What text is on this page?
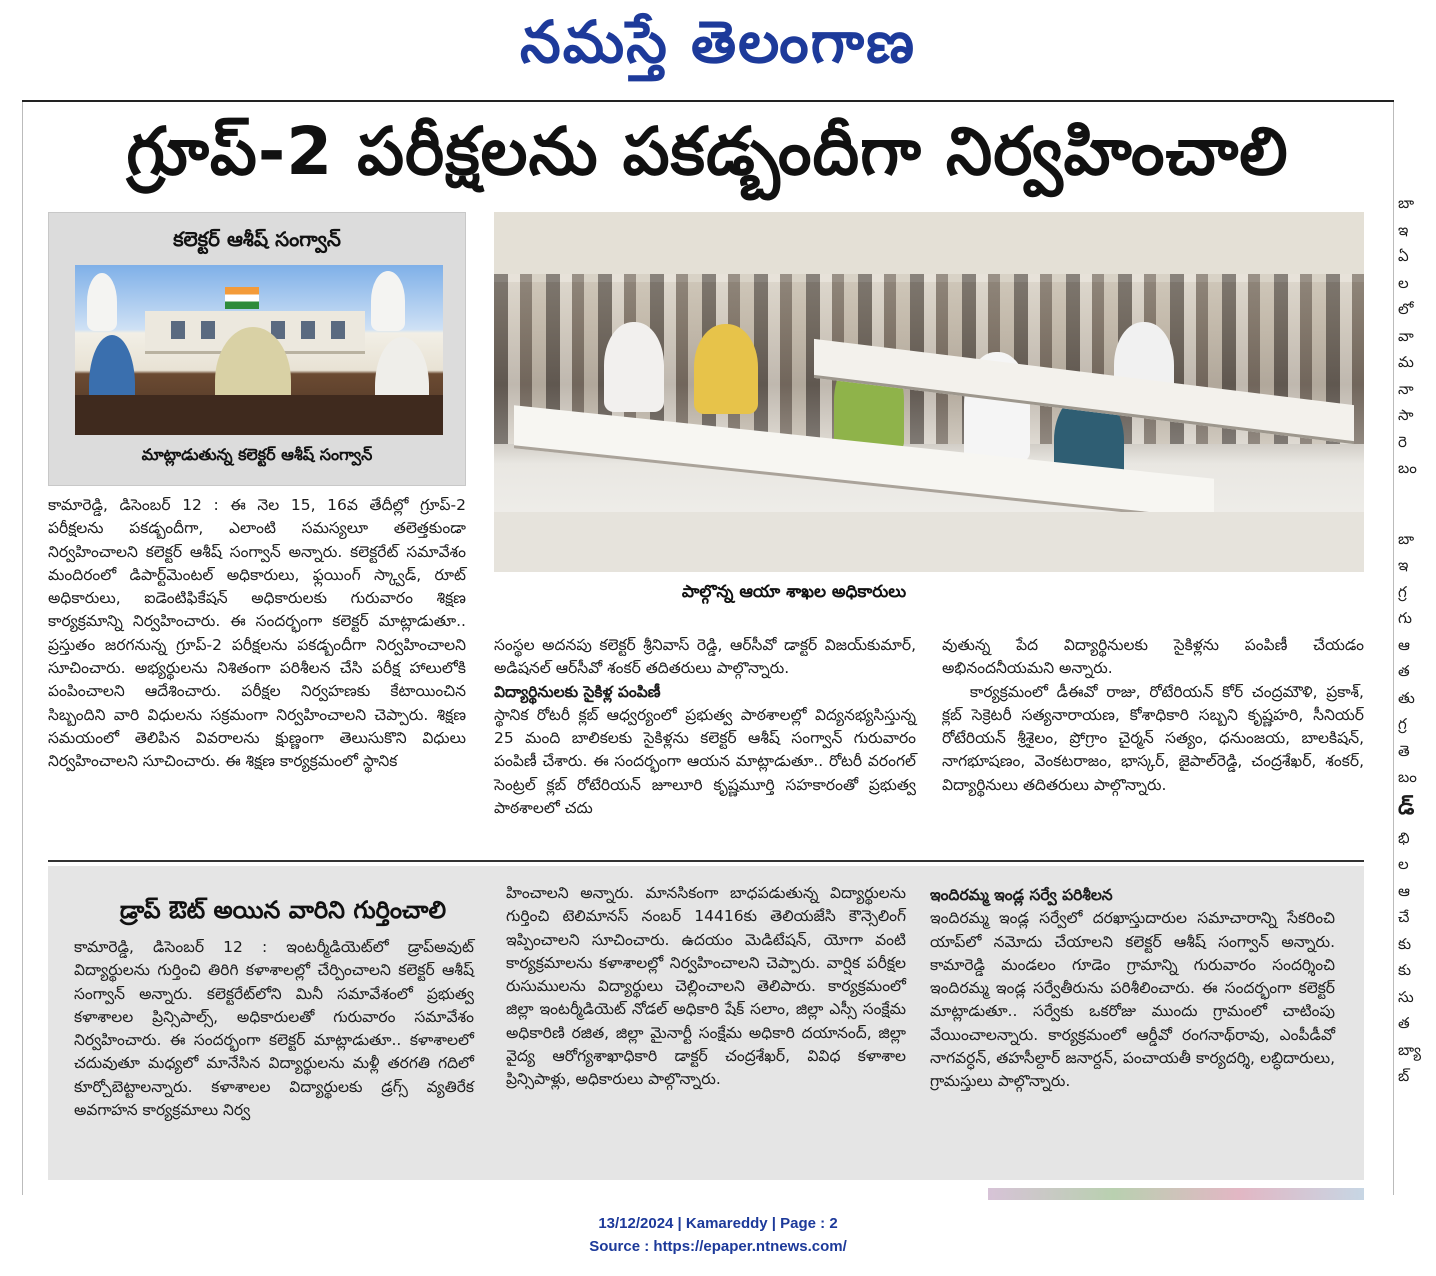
నమస్తే తెలంగాణ
గ్రూప్‌-2 పరీక్షలను పకడ్బందీగా నిర్వహించాలి
కలెక్టర్‌ ఆశీష్‌ సంగ్వాన్‌
మాట్లాడుతున్న కలెక్టర్‌ ఆశీష్‌ సంగ్వాన్‌
పాల్గొన్న ఆయా శాఖల అధికారులు
కామారెడ్డి, డిసెంబర్‌ 12 : ఈ నెల 15, 16వ తేదీల్లో గ్రూప్‌-2 పరీక్షలను పకడ్బందీగా, ఎలాంటి సమస్యలూ తలెత్తకుండా నిర్వహించాలని కలెక్టర్‌ ఆశీష్‌ సంగ్వాన్‌ అన్నారు. కలెక్టరేట్‌ సమావేశం మందిరంలో డిపార్ట్‌మెంటల్‌ అధికారులు, ఫ్లయింగ్‌ స్క్వాడ్‌, రూట్‌ అధికారులు, ఐడెంటిఫికేషన్‌ అధికారులకు గురువారం శిక్షణ కార్యక్రమాన్ని నిర్వహించారు. ఈ సందర్భంగా కలెక్టర్‌ మాట్లాడుతూ.. ప్రస్తుతం జరగనున్న గ్రూప్‌-2 పరీక్షలను పకడ్బందీగా నిర్వహించాలని సూచించారు. అభ్యర్థులను నిశితంగా పరిశీలన చేసి పరీక్ష హాలులోకి పంపించాలని ఆదేశించారు. పరీక్షల నిర్వహణకు కేటాయించిన సిబ్బందిని వారి విధులను సక్రమంగా నిర్వహించాలని చెప్పారు. శిక్షణ సమయంలో తెలిపిన వివరాలను క్షుణ్ణంగా తెలుసుకొని విధులు నిర్వహించాలని సూచించారు. ఈ శిక్షణ కార్యక్రమంలో స్థానిక
సంస్థల అదనపు కలెక్టర్‌ శ్రీనివాస్‌ రెడ్డి, ఆర్‌సీవో డాక్టర్‌ విజయ్‌కుమార్‌, అడిషనల్‌ ఆర్‌సీవో శంకర్‌ తదితరులు పాల్గొన్నారు.
విద్యార్థినులకు సైకిళ్ల పంపిణీ
స్థానిక రోటరీ క్లబ్‌ ఆధ్వర్యంలో ప్రభుత్వ పాఠశాలల్లో విద్యనభ్యసిస్తున్న 25 మంది బాలికలకు సైకిళ్లను కలెక్టర్‌ ఆశీష్‌ సంగ్వాన్‌ గురువారం పంపిణీ చేశారు. ఈ సందర్భంగా ఆయన మాట్లాడుతూ.. రోటరీ వరంగల్‌ సెంట్రల్‌ క్లబ్‌ రోటేరియన్‌ జూలూరి కృష్ణమూర్తి సహకారంతో ప్రభుత్వ పాఠశాలలో చదు
వుతున్న పేద విద్యార్థినులకు సైకిళ్లను పంపిణీ చేయడం అభినందనీయమని అన్నారు.
కార్యక్రమంలో డీఈవో రాజు, రోటేరియన్‌ కోర్‌ చంద్రమౌళి, ప్రకాశ్‌, క్లబ్‌ సెక్రెటరీ సత్యనారాయణ, కోశాధికారి సబ్బని కృష్ణహరి, సీనియర్‌ రోటేరియన్‌ శ్రీశైలం, ప్రోగ్రాం చైర్మన్‌ సత్యం, ధనుంజయ, బాలకిషన్‌, నాగభూషణం, వెంకటరాజం, భాస్కర్‌, జైపాల్‌రెడ్డి, చంద్రశేఖర్‌, శంకర్‌, విద్యార్థినులు తదితరులు పాల్గొన్నారు.
డ్రాప్‌ ఔట్‌ అయిన వారిని గుర్తించాలి
కామారెడ్డి, డిసెంబర్‌ 12 : ఇంటర్మీడియెట్‌లో డ్రాప్‌అవుట్‌ విద్యార్థులను గుర్తించి తిరిగి కళాశాలల్లో చేర్పించాలని కలెక్టర్‌ ఆశీష్‌ సంగ్వాన్‌ అన్నారు. కలెక్టరేట్‌లోని మినీ సమావేశంలో ప్రభుత్వ కళాశాలల ప్రిన్సిపాల్స్‌, అధికారులతో గురువారం సమావేశం నిర్వహించారు. ఈ సందర్భంగా కలెక్టర్‌ మాట్లాడుతూ.. కళాశాలలో చదువుతూ మధ్యలో మానేసిన విద్యార్థులను మళ్లీ తరగతి గదిలో కూర్చోబెట్టాలన్నారు. కళాశాలల విద్యార్థులకు డ్రగ్స్‌ వ్యతిరేక అవగాహన కార్యక్రమాలు నిర్వ
హించాలని అన్నారు. మానసికంగా బాధపడుతున్న విద్యార్థులను గుర్తించి టెలిమానస్‌ నంబర్‌ 14416కు తెలియజేసి కౌన్సెలింగ్‌ ఇప్పించాలని సూచించారు. ఉదయం మెడిటేషన్‌, యోగా వంటి కార్యక్రమాలను కళాశాలల్లో నిర్వహించాలని చెప్పారు. వార్షిక పరీక్షల రుసుములను విద్యార్థులు చెల్లించాలని తెలిపారు. కార్యక్రమంలో జిల్లా ఇంటర్మీడియెట్‌ నోడల్‌ అధికారి షేక్‌ సలాం, జిల్లా ఎస్సీ సంక్షేమ అధికారిణి రజిత, జిల్లా మైనార్టీ సంక్షేమ అధికారి దయానంద్‌, జిల్లా వైద్య ఆరోగ్యశాఖాధికారి డాక్టర్‌ చంద్రశేఖర్‌, వివిధ కళాశాల ప్రిన్సిపాళ్లు, అధికారులు పాల్గొన్నారు.
ఇందిరమ్మ ఇండ్ల సర్వే పరిశీలన
ఇందిరమ్మ ఇండ్ల సర్వేలో దరఖాస్తుదారుల సమాచారాన్ని సేకరించి యాప్‌లో నమోదు చేయాలని కలెక్టర్‌ ఆశీష్‌ సంగ్వాన్‌ అన్నారు. కామారెడ్డి మండలం గూడెం గ్రామాన్ని గురువారం సందర్శించి ఇందిరమ్మ ఇండ్ల సర్వేతీరును పరిశీలించారు. ఈ సందర్భంగా కలెక్టర్‌ మాట్లాడుతూ.. సర్వేకు ఒకరోజు ముందు గ్రామంలో చాటింపు వేయించాలన్నారు. కార్యక్రమంలో ఆర్డీవో రంగనాథ్‌రావు, ఎంపీడీవో నాగవర్ధన్‌, తహసీల్దార్‌ జనార్దన్‌, పంచాయతీ కార్యదర్శి, లబ్ధిదారులు, గ్రామస్తులు పాల్గొన్నారు.
బా
ఇ
ఏ
ల
లో
వా
మ
నా
సా
రె
బం
బా
ఇ
గ్ర
గు
ఆ
త
తు
గ్ర
తె
బం
డ్
భి
ల
ఆ
చే
కు
కు
సు
త
బ్యా
బ్
13/12/2024 | Kamareddy | Page : 2
Source : https://epaper.ntnews.com/
